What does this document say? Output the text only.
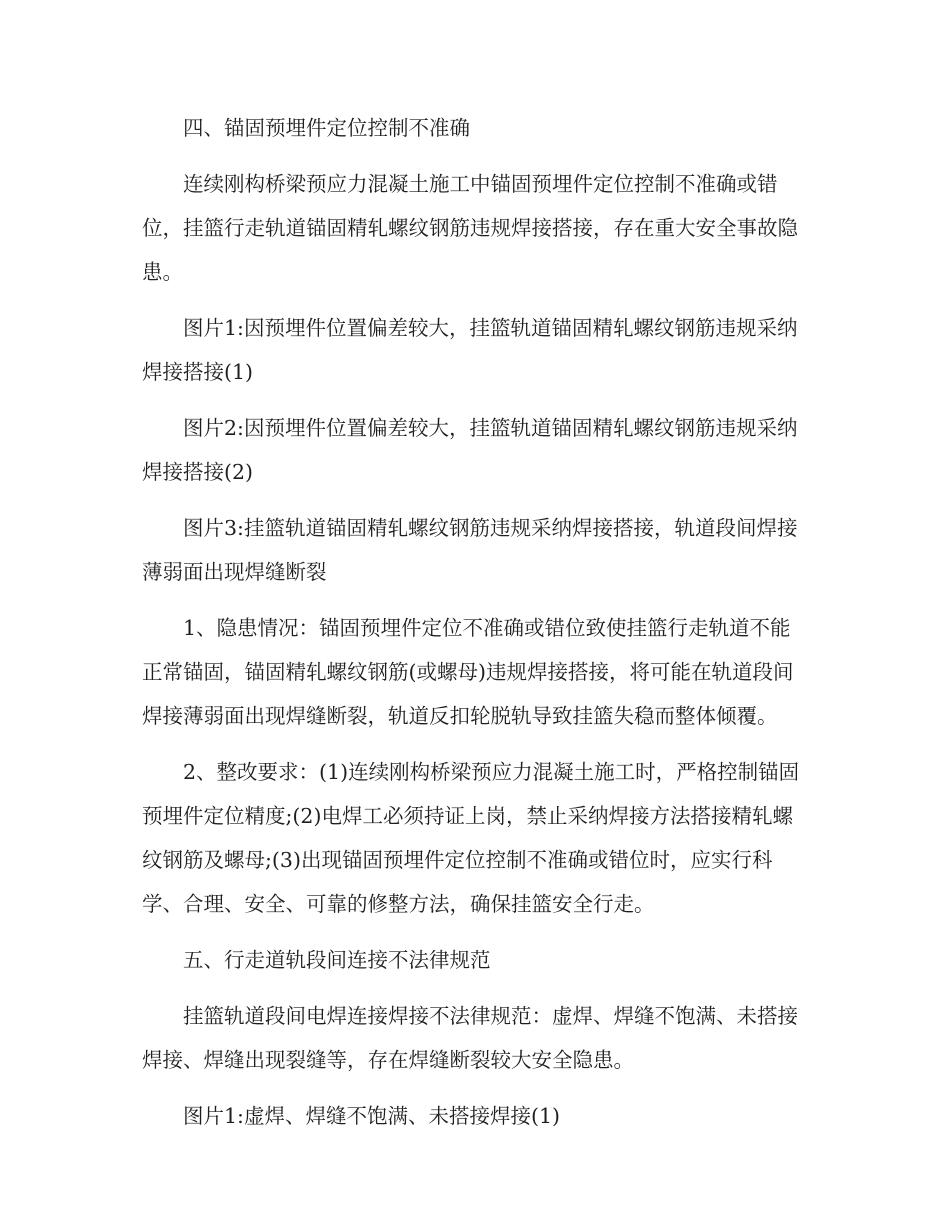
四、锚固预埋件定位控制不准确

连续刚构桥梁预应力混凝土施工中锚固预埋件定位控制不准确或错位，挂篮行走轨道锚固精轧螺纹钢筋违规焊接搭接，存在重大安全事故隐患。

图片1:因预埋件位置偏差较大，挂篮轨道锚固精轧螺纹钢筋违规采纳焊接搭接(1)

图片2:因预埋件位置偏差较大，挂篮轨道锚固精轧螺纹钢筋违规采纳焊接搭接(2)

图片3:挂篮轨道锚固精轧螺纹钢筋违规采纳焊接搭接，轨道段间焊接薄弱面出现焊缝断裂

1、隐患情况：锚固预埋件定位不准确或错位致使挂篮行走轨道不能正常锚固，锚固精轧螺纹钢筋(或螺母)违规焊接搭接，将可能在轨道段间焊接薄弱面出现焊缝断裂，轨道反扣轮脱轨导致挂篮失稳而整体倾覆。

2、整改要求：(1)连续刚构桥梁预应力混凝土施工时，严格控制锚固预埋件定位精度;(2)电焊工必须持证上岗，禁止采纳焊接方法搭接精轧螺纹钢筋及螺母;(3)出现锚固预埋件定位控制不准确或错位时，应实行科学、合理、安全、可靠的修整方法，确保挂篮安全行走。

五、行走道轨段间连接不法律规范

挂篮轨道段间电焊连接焊接不法律规范：虚焊、焊缝不饱满、未搭接焊接、焊缝出现裂缝等，存在焊缝断裂较大安全隐患。

图片1:虚焊、焊缝不饱满、未搭接焊接(1)
